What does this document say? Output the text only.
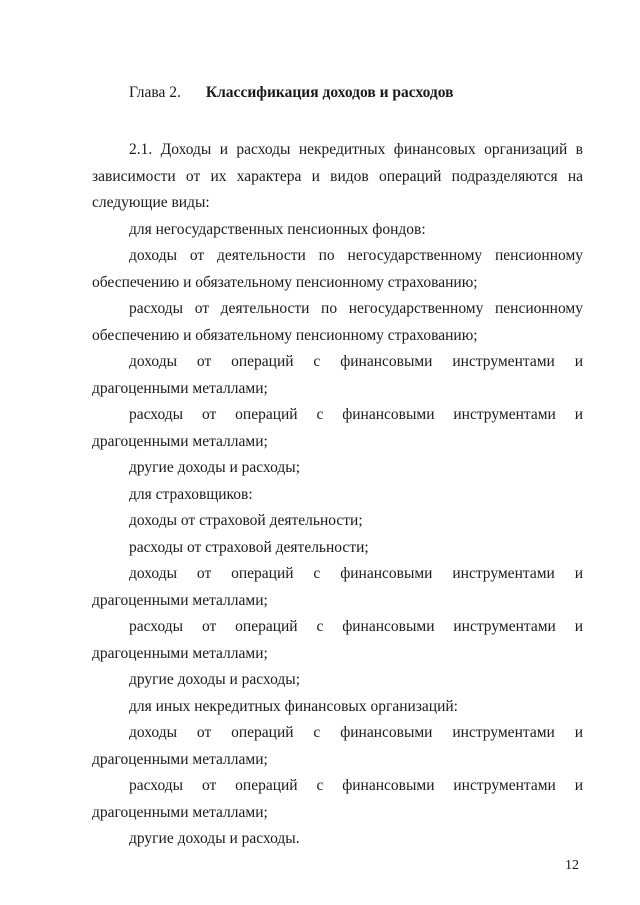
Глава 2. Классификация доходов и расходов

2.1. Доходы и расходы некредитных финансовых организаций в зависимости от их характера и видов операций подразделяются на следующие виды:

для негосударственных пенсионных фондов:

доходы от деятельности по негосударственному пенсионному обеспечению и обязательному пенсионному страхованию;

расходы от деятельности по негосударственному пенсионному обеспечению и обязательному пенсионному страхованию;

доходы от операций с финансовыми инструментами и драгоценными металлами;

расходы от операций с финансовыми инструментами и драгоценными металлами;

другие доходы и расходы;

для страховщиков:

доходы от страховой деятельности;

расходы от страховой деятельности;

доходы от операций с финансовыми инструментами и драгоценными металлами;

расходы от операций с финансовыми инструментами и драгоценными металлами;

другие доходы и расходы;

для иных некредитных финансовых организаций:

доходы от операций с финансовыми инструментами и драгоценными металлами;

расходы от операций с финансовыми инструментами и драгоценными металлами;

другие доходы и расходы.

12
